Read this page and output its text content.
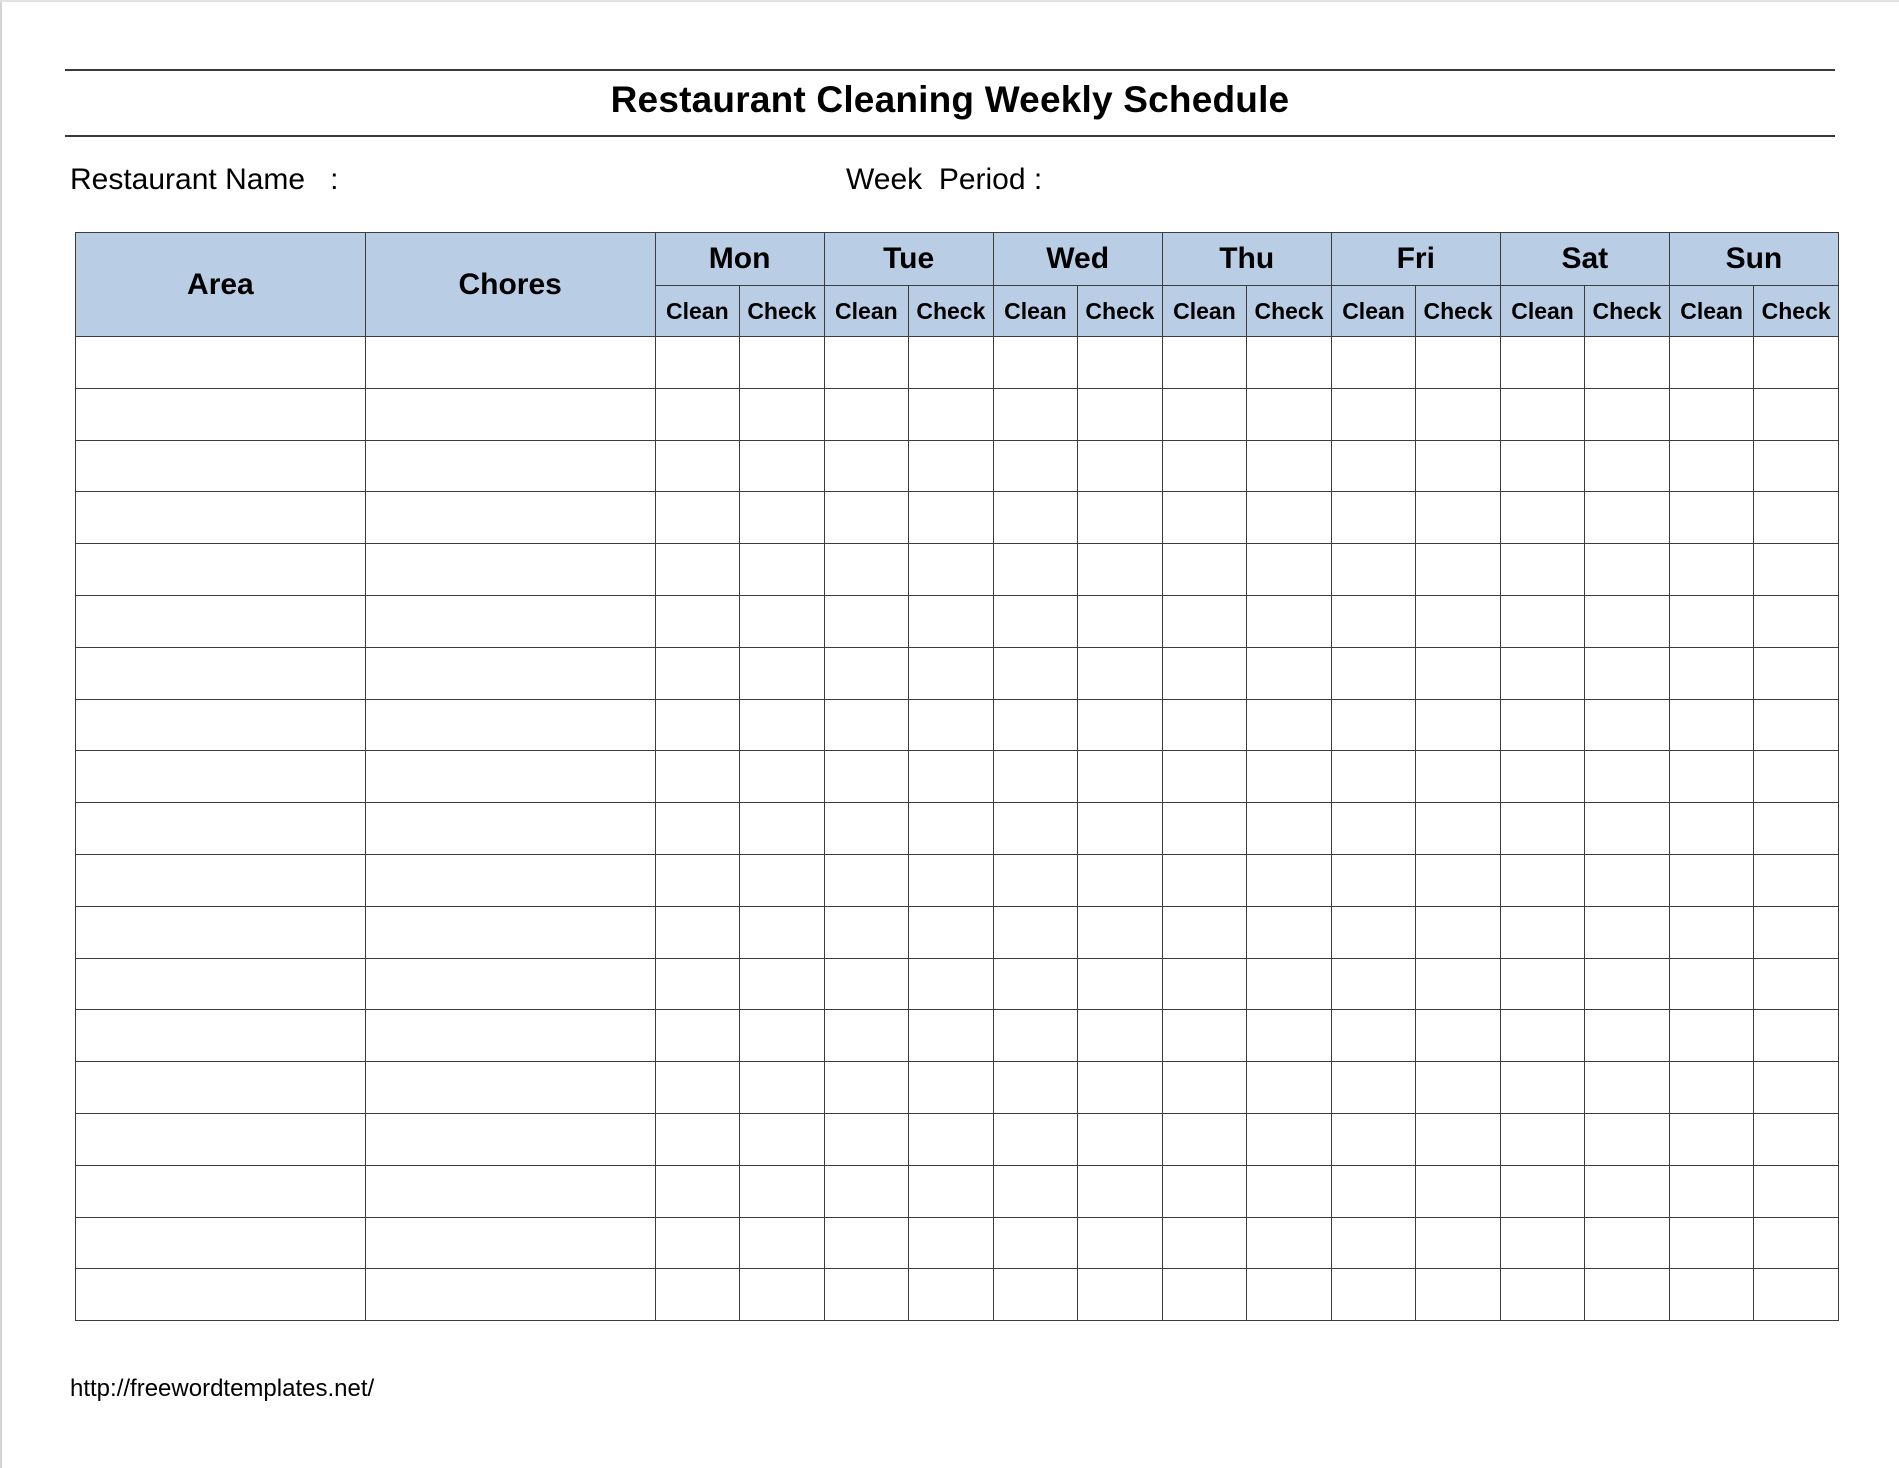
Restaurant Cleaning Weekly Schedule
Restaurant Name   :	Week  Period :
Area	Chores	Mon		Tue		Wed		Thu		Fri		Sat		Sun	
		Clean	Check	Clean	Check	Clean	Check	Clean	Check	Clean	Check	Clean	Check	Clean	Check

http://freewordtemplates.net/
